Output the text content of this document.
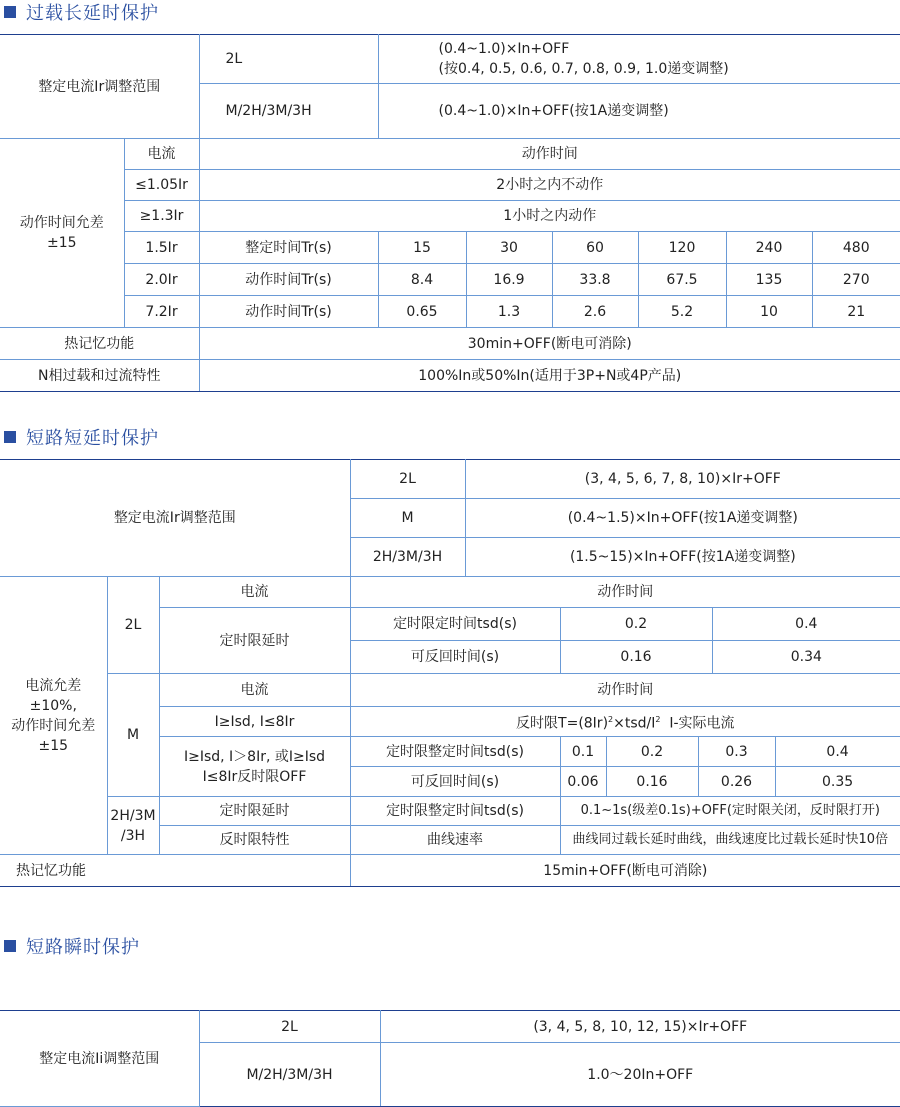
过载长延时保护
整定电流Ir调整范围		2L	(0.4~1.0)×In+OFF
(按0.4, 0.5, 0.6, 0.7, 0.8, 0.9, 1.0递变调整)					

		M/2H/3M/3H	(0.4~1.0)×In+OFF(按1A递变调整)					

动作时间允差
±15	电流	动作时间						
	≤1.05Ir	2小时之内不动作						
	≥1.3Ir	1小时之内动作						
	1.5Ir	整定时间Tr(s)	15	30	60	120	240	480
	2.0Ir	动作时间Tr(s)	8.4	16.9	33.8	67.5	135	270
	7.2Ir	动作时间Tr(s)	0.65	1.3	2.6	5.2	10	21
热记忆功能		30min+OFF(断电可消除)						
N相过载和过流特性		100%In或50%In(适用于3P+N或4P产品)						
短路短延时保护
整定电流Ir调整范围			2L	(3, 4, 5, 6, 7, 8, 10)×Ir+OFF						
			M	(0.4~1.5)×In+OFF(按1A递变调整)						
			2H/3M/3H	(1.5~15)×In+OFF(按1A递变调整)						

电流允差
±10%,
动作时间允差
±15	2L	电流	动作时间							
		定时限延时	定时限定时间tsd(s)		0.2			0.4		
			可反回时间(s)		0.16			0.34		
	M	电流	动作时间							
		I≥Isd, I≤8Ir	反时限$T=(8Ir)^2\times tsd/I^2$ I-实际电流							

		I≥Isd, I＞8Ir, 或I≥Isd
I≤8Ir反时限OFF	定时限整定时间tsd(s)		0.1	0.2	0.3		0.4	
			可反回时间(s)		0.06	0.16	0.26		0.35	

	2H/3M
/3H	定时限延时	定时限整定时间tsd(s)		0.1~1s(级差0.1s)+OFF(定时限关闭，反时限打开)					
		反时限特性	曲线速率		曲线同过载长延时曲线，曲线速度比过载长延时快10倍					
热记忆功能			15min+OFF(断电可消除)							
短路瞬时保护
整定电流Ii调整范围	2L	(3, 4, 5, 8, 10, 12, 15)×Ir+OFF
	M/2H/3M/3H	1.0～20In+OFF
